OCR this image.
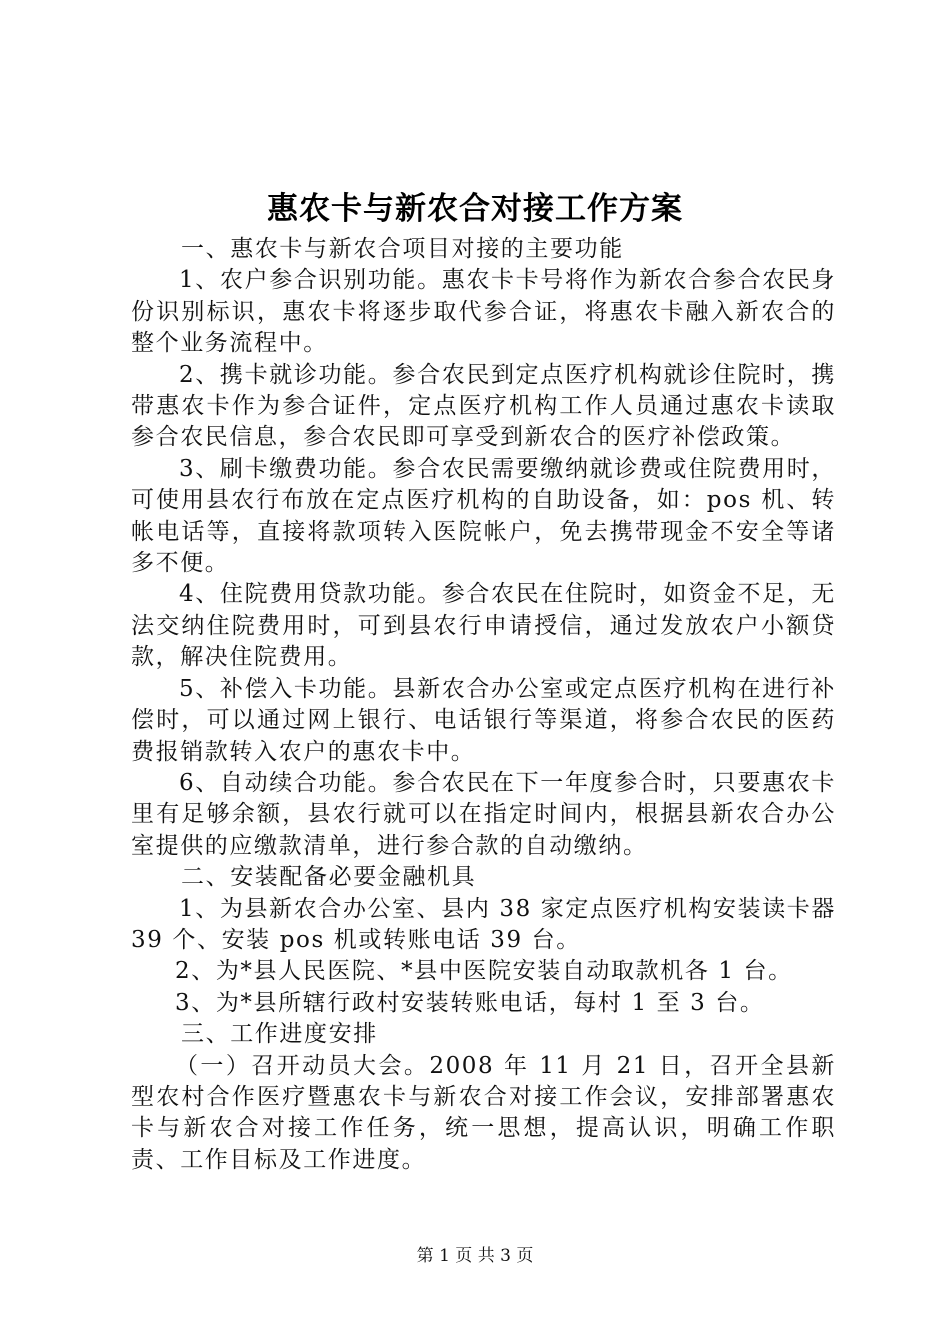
惠农卡与新农合对接工作方案

一、惠农卡与新农合项目对接的主要功能

1、农户参合识别功能。惠农卡卡号将作为新农合参合农民身份识别标识，惠农卡将逐步取代参合证，将惠农卡融入新农合的整个业务流程中。

2、携卡就诊功能。参合农民到定点医疗机构就诊住院时，携带惠农卡作为参合证件，定点医疗机构工作人员通过惠农卡读取参合农民信息，参合农民即可享受到新农合的医疗补偿政策。

3、刷卡缴费功能。参合农民需要缴纳就诊费或住院费用时，可使用县农行布放在定点医疗机构的自助设备，如：pos 机、转帐电话等，直接将款项转入医院帐户，免去携带现金不安全等诸多不便。

4、住院费用贷款功能。参合农民在住院时，如资金不足，无法交纳住院费用时，可到县农行申请授信，通过发放农户小额贷款，解决住院费用。

5、补偿入卡功能。县新农合办公室或定点医疗机构在进行补偿时，可以通过网上银行、电话银行等渠道，将参合农民的医药费报销款转入农户的惠农卡中。

6、自动续合功能。参合农民在下一年度参合时，只要惠农卡里有足够余额，县农行就可以在指定时间内，根据县新农合办公室提供的应缴款清单，进行参合款的自动缴纳。

二、安装配备必要金融机具

1、为县新农合办公室、县内 38 家定点医疗机构安装读卡器 39 个、安装 pos 机或转账电话 39 台。

2、为*县人民医院、*县中医院安装自动取款机各 1 台。

3、为*县所辖行政村安装转账电话，每村 1 至 3 台。

三、工作进度安排

（一）召开动员大会。2008 年 11 月 21 日，召开全县新型农村合作医疗暨惠农卡与新农合对接工作会议，安排部署惠农卡与新农合对接工作任务，统一思想，提高认识，明确工作职责、工作目标及工作进度。

第 1 页 共 3 页
